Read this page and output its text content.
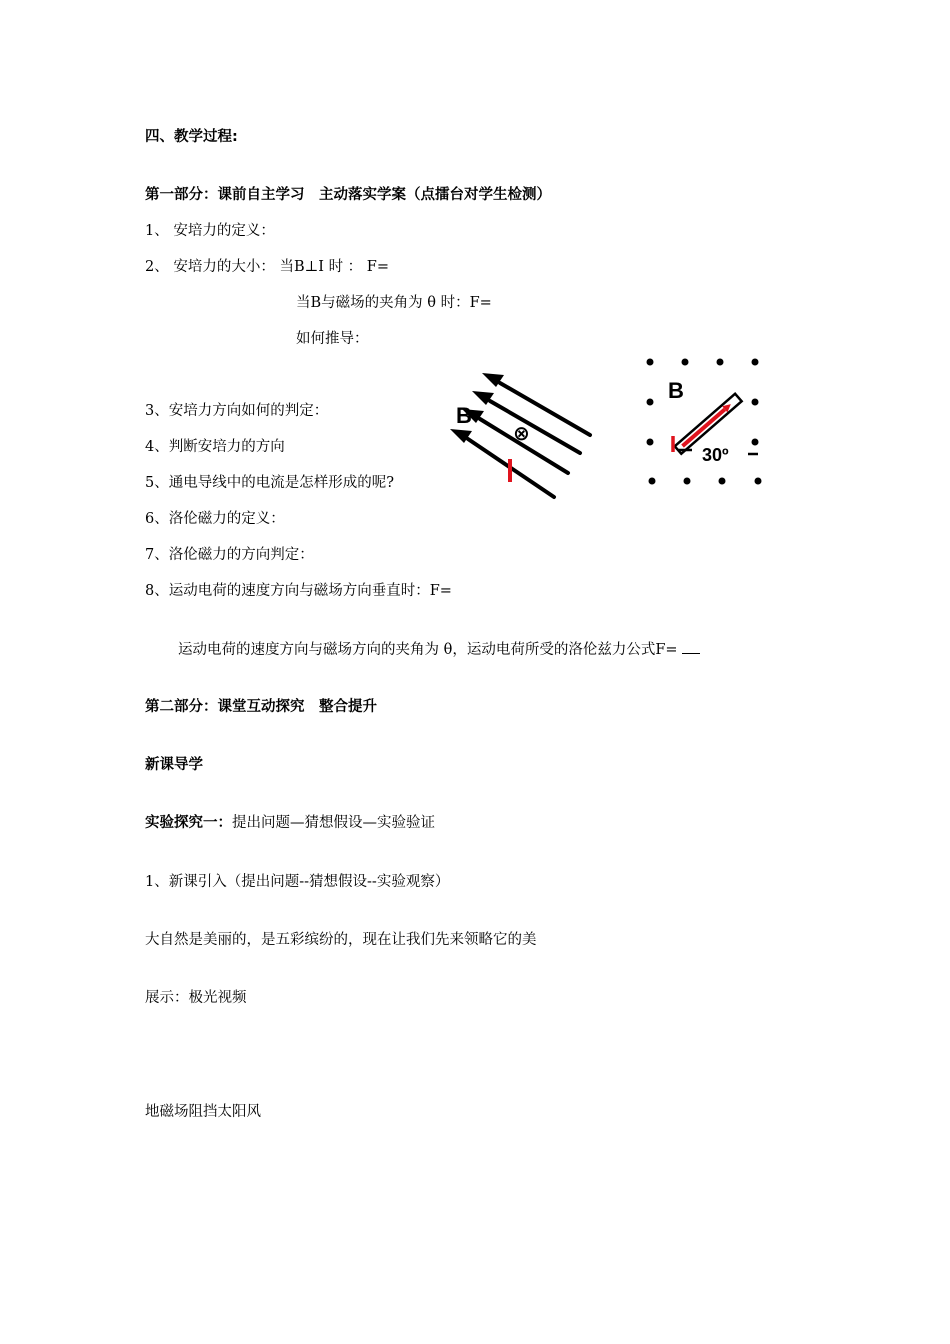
四、教学过程:
第一部分：课前自主学习　主动落实学案（点擂台对学生检测）
1、 安培力的定义：
2、 安培力的大小： 当B⊥I 时 ： F=
当B与磁场的夹角为 θ 时：F=
如何推导：
3、安培力方向如何的判定：
4、判断安培力的方向
5、通电导线中的电流是怎样形成的呢?
6、洛伦磁力的定义：
7、洛伦磁力的方向判定：
8、运动电荷的速度方向与磁场方向垂直时：F=
运动电荷的速度方向与磁场方向的夹角为 θ，运动电荷所受的洛伦兹力公式F=
B
⊗
B
30º
第二部分：课堂互动探究　整合提升
新课导学
实验探究一：提出问题—猜想假设—实验验证
1、新课引入（提出问题--猜想假设--实验观察）
大自然是美丽的，是五彩缤纷的，现在让我们先来领略它的美
展示：极光视频
地磁场阻挡太阳风
